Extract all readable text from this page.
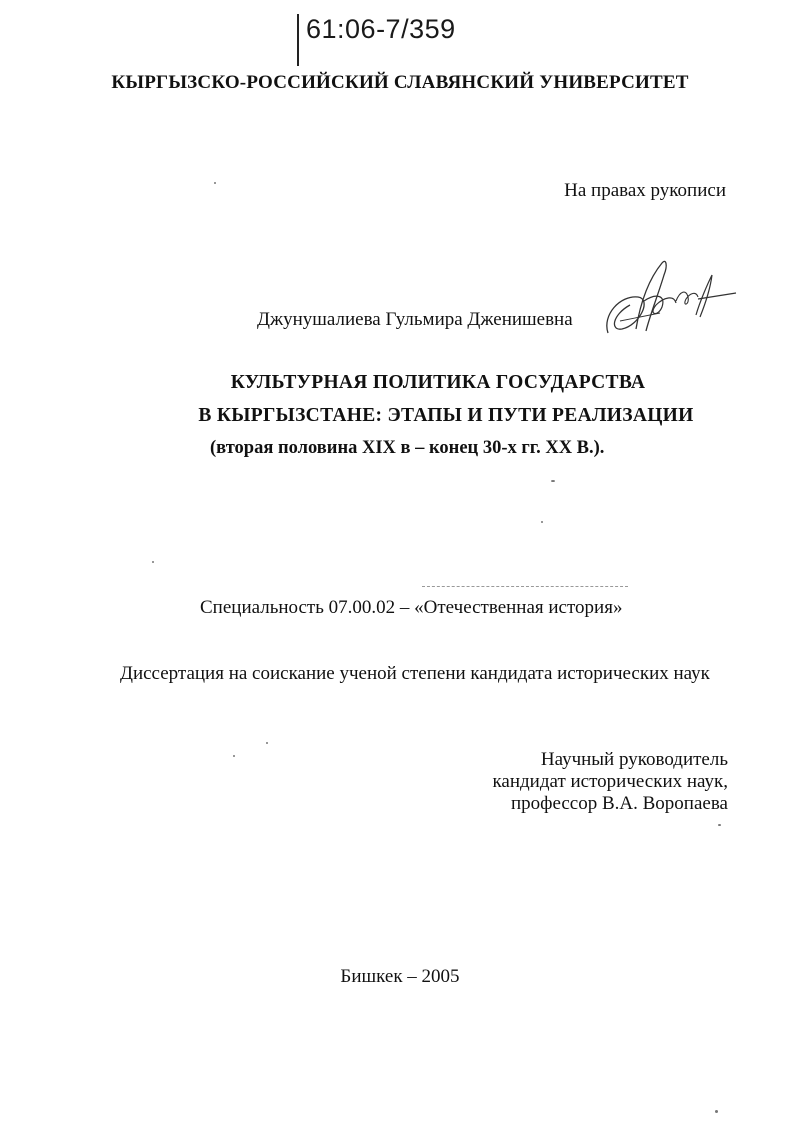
61:06-7/359
КЫРГЫЗСКО-РОССИЙСКИЙ СЛАВЯНСКИЙ УНИВЕРСИТЕТ
На правах рукописи
Джунушалиева Гульмира Дженишевна
КУЛЬТУРНАЯ ПОЛИТИКА ГОСУДАРСТВА
В КЫРГЫЗСТАНЕ: ЭТАПЫ И ПУТИ РЕАЛИЗАЦИИ
(вторая половина XIX в – конец 30-х гг. XX В.).
Специальность 07.00.02 – «Отечественная история»
Диссертация на соискание ученой степени кандидата исторических наук
Научный руководитель
кандидат исторических наук,
профессор В.А. Воропаева
Бишкек – 2005
